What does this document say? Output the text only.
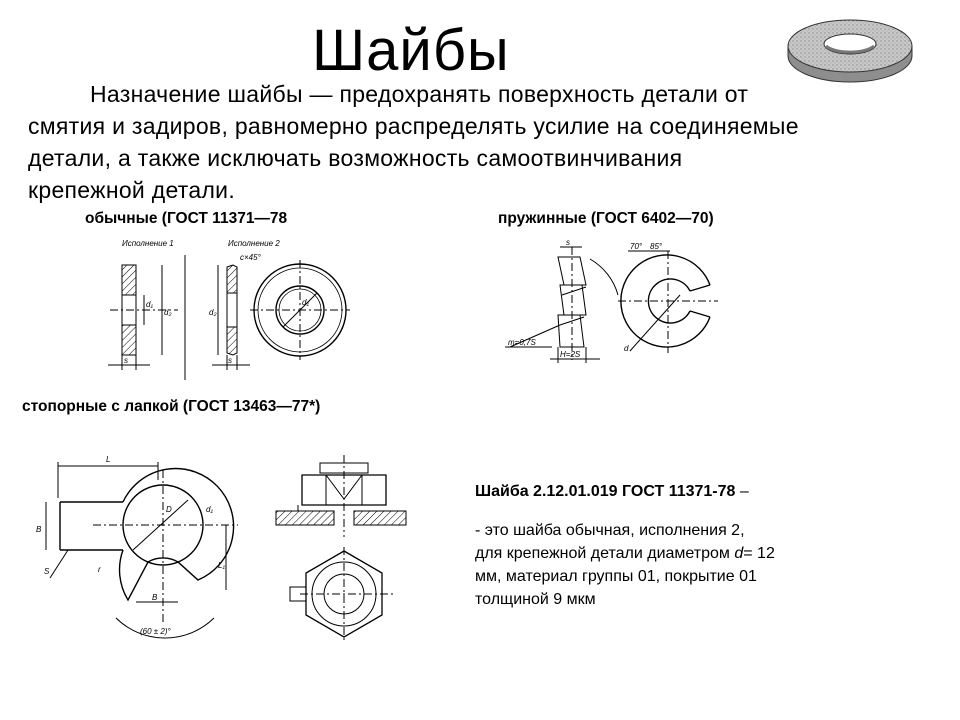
Шайбы
Назначение шайбы — предохранять поверхность детали от
смятия и задиров, равномерно распределять усилие на соединяемые
детали, а также исключать возможность самоотвинчивания
крепежной детали.
обычные (ГОСТ 11371—78	пружинные (ГОСТ 6402—70)
стопорные с лапкой (ГОСТ 13463—77*)
Исполнение 1	Исполнение 2
d₁
d₂
s
c×45°
d₂
s
d₁
s
m=0,7S
H=2S
70° 85°
d
L
D	d₁
B
S	r	L₁
B
(60 ± 2)°
Шайба 2.12.01.019 ГОСТ 11371-78 –
- это шайба обычная, исполнения 2,
для крепежной детали диаметром d= 12
мм, материал группы 01, покрытие 01
толщиной 9 мкм
